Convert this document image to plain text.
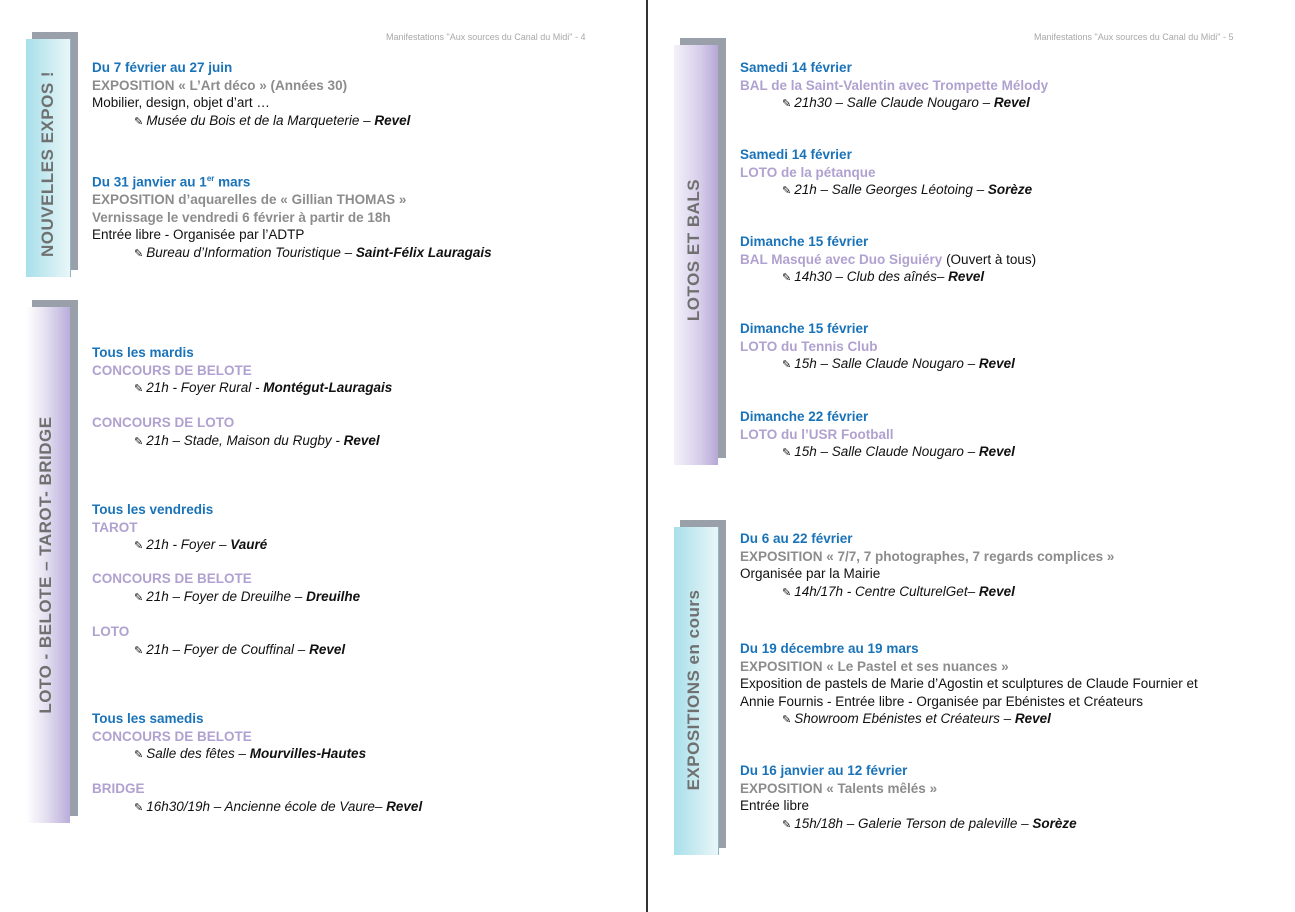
Manifestations "Aux sources du Canal du Midi" - 4
NOUVELLES EXPOS !
LOTO - BELOTE – TAROT- BRIDGE
Du 7 février au 27 juin
EXPOSITION « L’Art déco » (Années 30)
Mobilier, design, objet d’art …
✎ Musée du Bois et de la Marqueterie – Revel
Du 31 janvier au 1er mars
EXPOSITION d’aquarelles de « Gillian THOMAS »
Vernissage le vendredi 6 février à partir de 18h
Entrée libre - Organisée par l’ADTP
✎ Bureau d’Information Touristique – Saint-Félix Lauragais
Tous les mardis
CONCOURS DE BELOTE
✎ 21h - Foyer Rural - Montégut-Lauragais
CONCOURS DE LOTO
✎ 21h – Stade, Maison du Rugby - Revel
Tous les vendredis
TAROT
✎ 21h - Foyer – Vauré
CONCOURS DE BELOTE
✎ 21h – Foyer de Dreuilhe – Dreuilhe
LOTO
✎ 21h – Foyer de Couffinal – Revel
Tous les samedis
CONCOURS DE BELOTE
✎ Salle des fêtes – Mourvilles-Hautes
BRIDGE
✎ 16h30/19h – Ancienne école de Vaure– Revel
Manifestations "Aux sources du Canal du Midi" - 5
LOTOS ET BALS
EXPOSITIONS en cours
Samedi 14 février
BAL de la Saint-Valentin avec Trompette Mélody
✎ 21h30 – Salle Claude Nougaro – Revel
Samedi 14 février
LOTO de la pétanque
✎ 21h – Salle Georges Léotoing – Sorèze
Dimanche 15 février
BAL Masqué avec Duo Siguiéry (Ouvert à tous)
✎ 14h30 – Club des aînés– Revel
Dimanche 15 février
LOTO du Tennis Club
✎ 15h – Salle Claude Nougaro – Revel
Dimanche 22 février
LOTO du l’USR Football
✎ 15h – Salle Claude Nougaro – Revel
Du 6 au 22 février
EXPOSITION « 7/7, 7 photographes, 7 regards complices »
Organisée par la Mairie
✎ 14h/17h - Centre CulturelGet– Revel
Du 19 décembre au 19 mars
EXPOSITION « Le Pastel et ses nuances »
Exposition de pastels de Marie d’Agostin et sculptures de Claude Fournier et
Annie Fournis - Entrée libre - Organisée par Ebénistes et Créateurs
✎ Showroom Ebénistes et Créateurs – Revel
Du 16 janvier au 12 février
EXPOSITION « Talents mêlés »
Entrée libre
✎ 15h/18h – Galerie Terson de paleville – Sorèze
